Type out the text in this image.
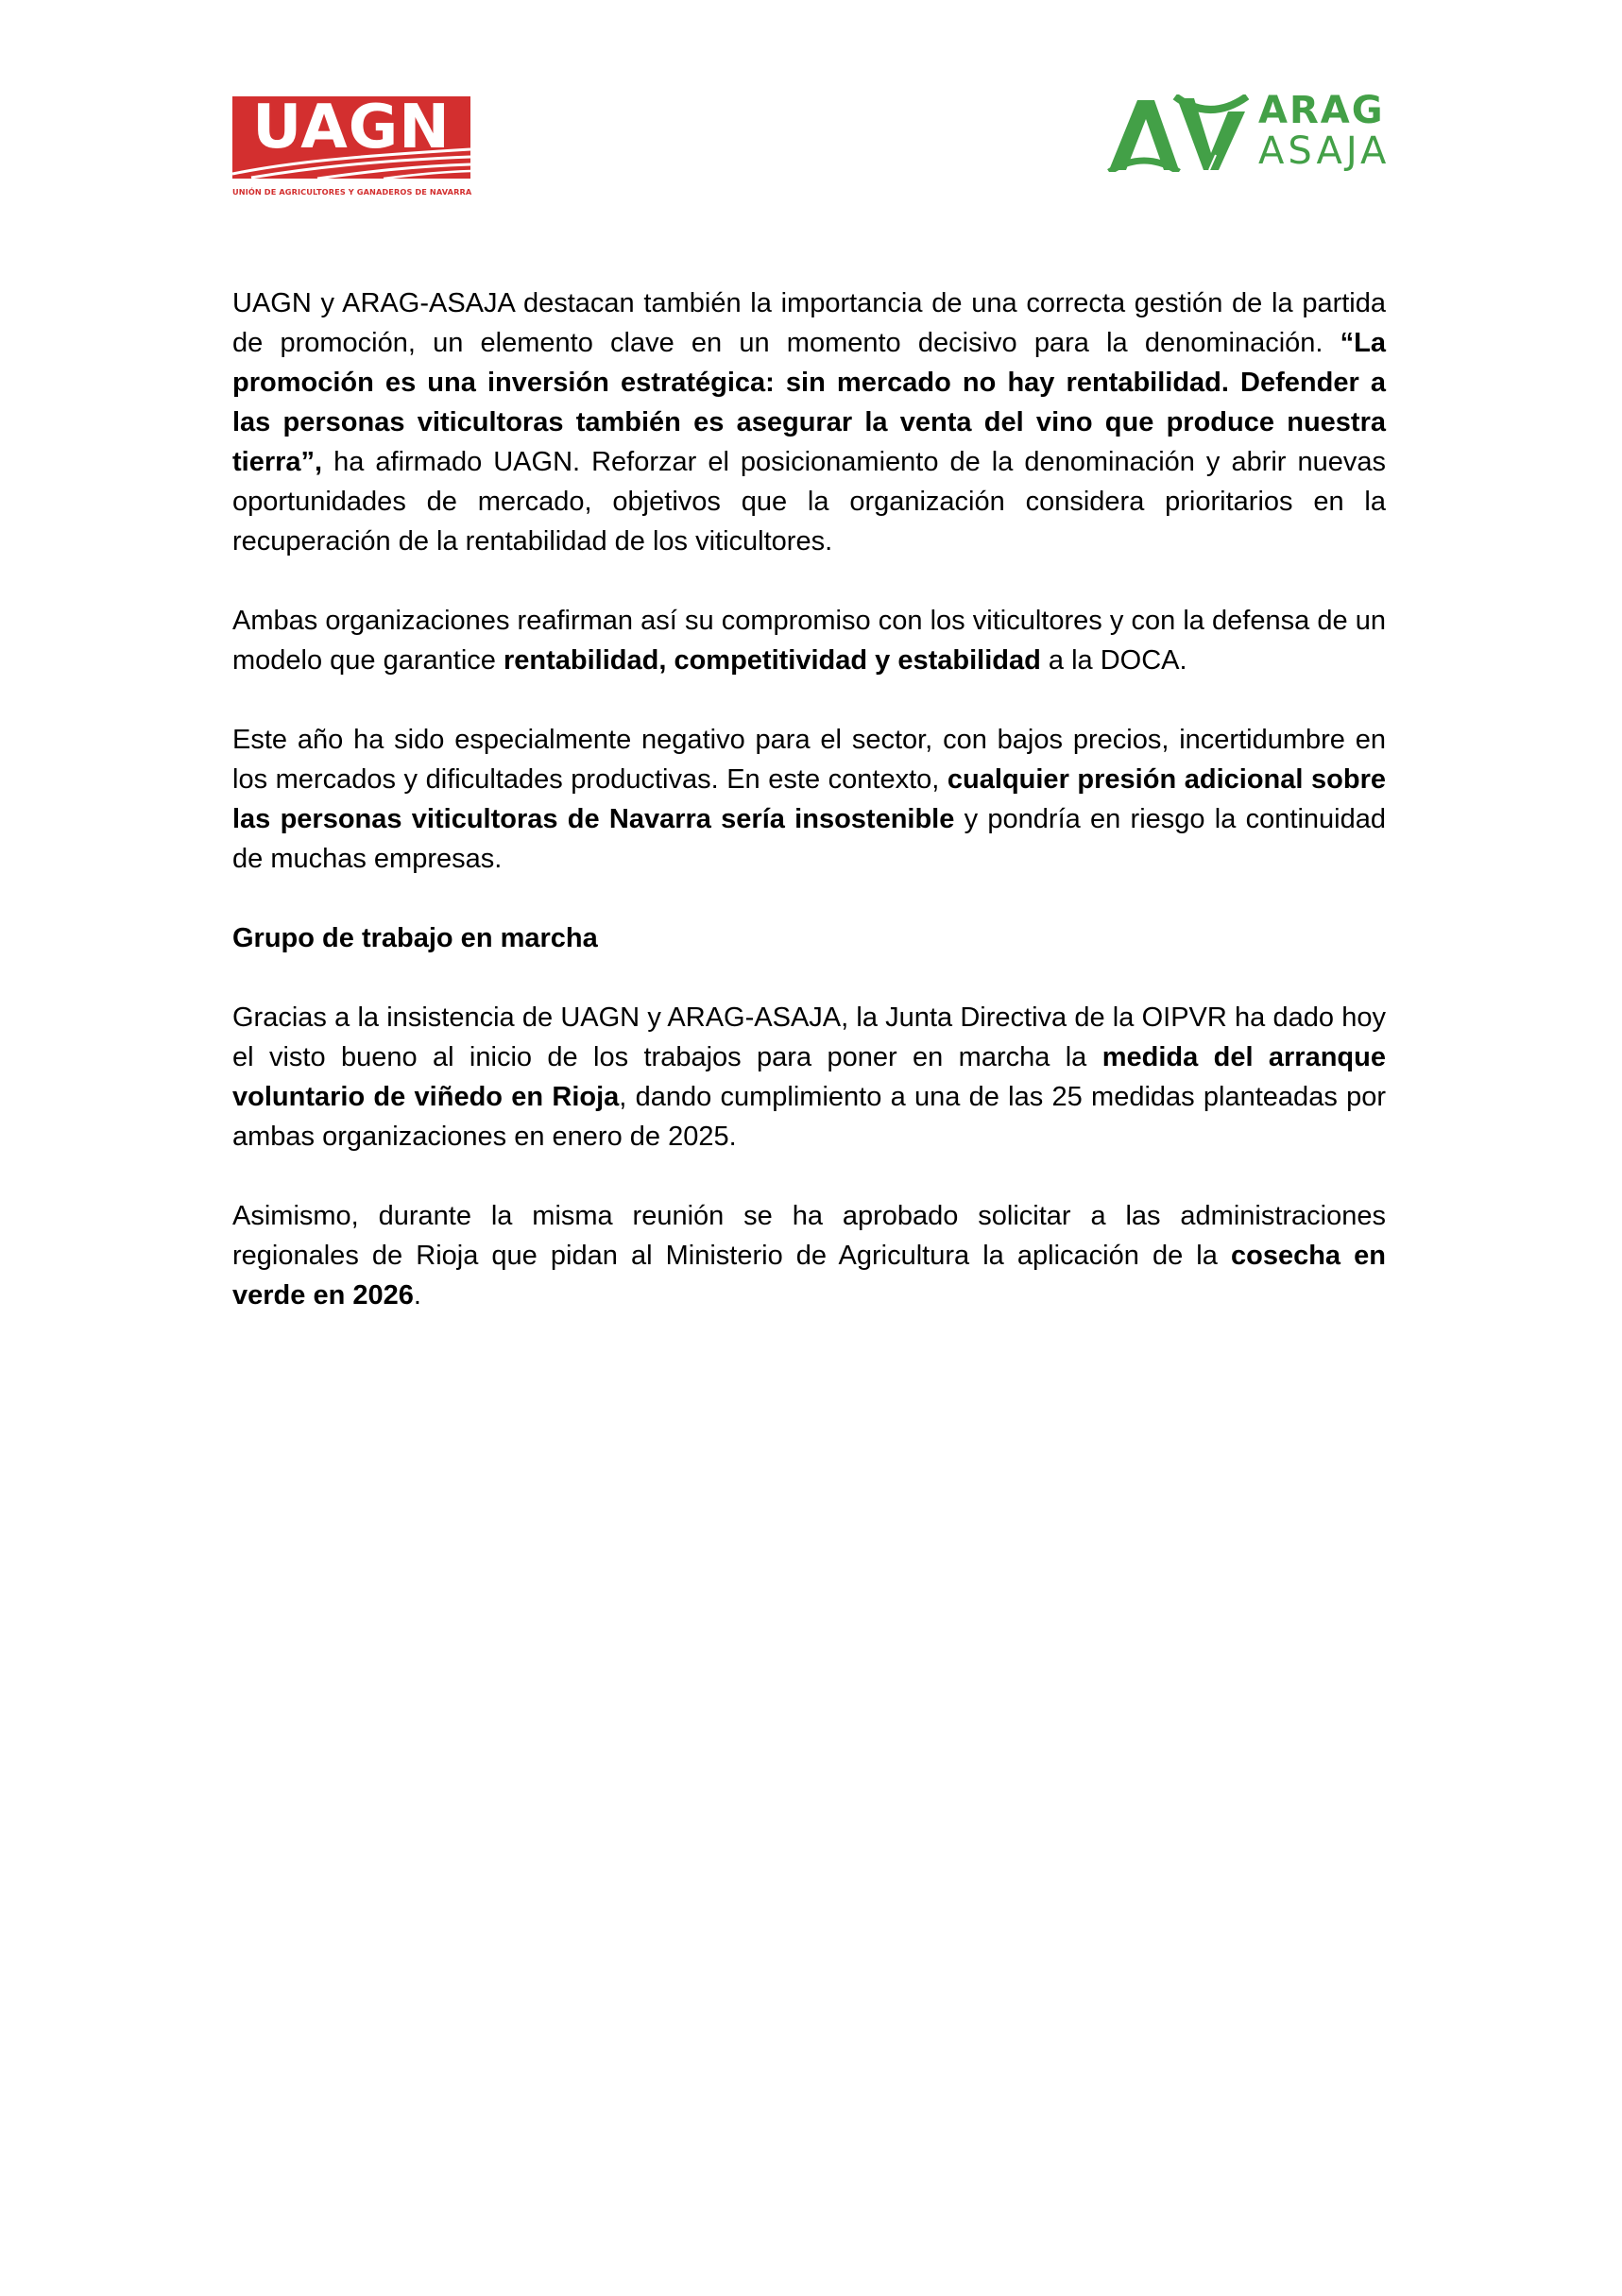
UAGN
UNIÓN DE AGRICULTORES Y GANADEROS DE NAVARRA
ARAG
ASAJA

UAGN y ARAG-ASAJA destacan también la importancia de una correcta gestión de la partida de promoción, un elemento clave en un momento decisivo para la denominación. “La promoción es una inversión estratégica: sin mercado no hay rentabilidad. Defender a las personas viticultoras también es asegurar la venta del vino que produce nuestra tierra”, ha afirmado UAGN. Reforzar el posicionamiento de la denominación y abrir nuevas oportunidades de mercado, objetivos que la organización considera prioritarios en la recuperación de la rentabilidad de los viticultores.

Ambas organizaciones reafirman así su compromiso con los viticultores y con la defensa de un modelo que garantice rentabilidad, competitividad y estabilidad a la DOCA.

Este año ha sido especialmente negativo para el sector, con bajos precios, incertidumbre en los mercados y dificultades productivas. En este contexto, cualquier presión adicional sobre las personas viticultoras de Navarra sería insostenible y pondría en riesgo la continuidad de muchas empresas.

Grupo de trabajo en marcha

Gracias a la insistencia de UAGN y ARAG-ASAJA, la Junta Directiva de la OIPVR ha dado hoy el visto bueno al inicio de los trabajos para poner en marcha la medida del arranque voluntario de viñedo en Rioja, dando cumplimiento a una de las 25 medidas planteadas por ambas organizaciones en enero de 2025.

Asimismo, durante la misma reunión se ha aprobado solicitar a las administraciones regionales de Rioja que pidan al Ministerio de Agricultura la aplicación de la cosecha en verde en 2026.
